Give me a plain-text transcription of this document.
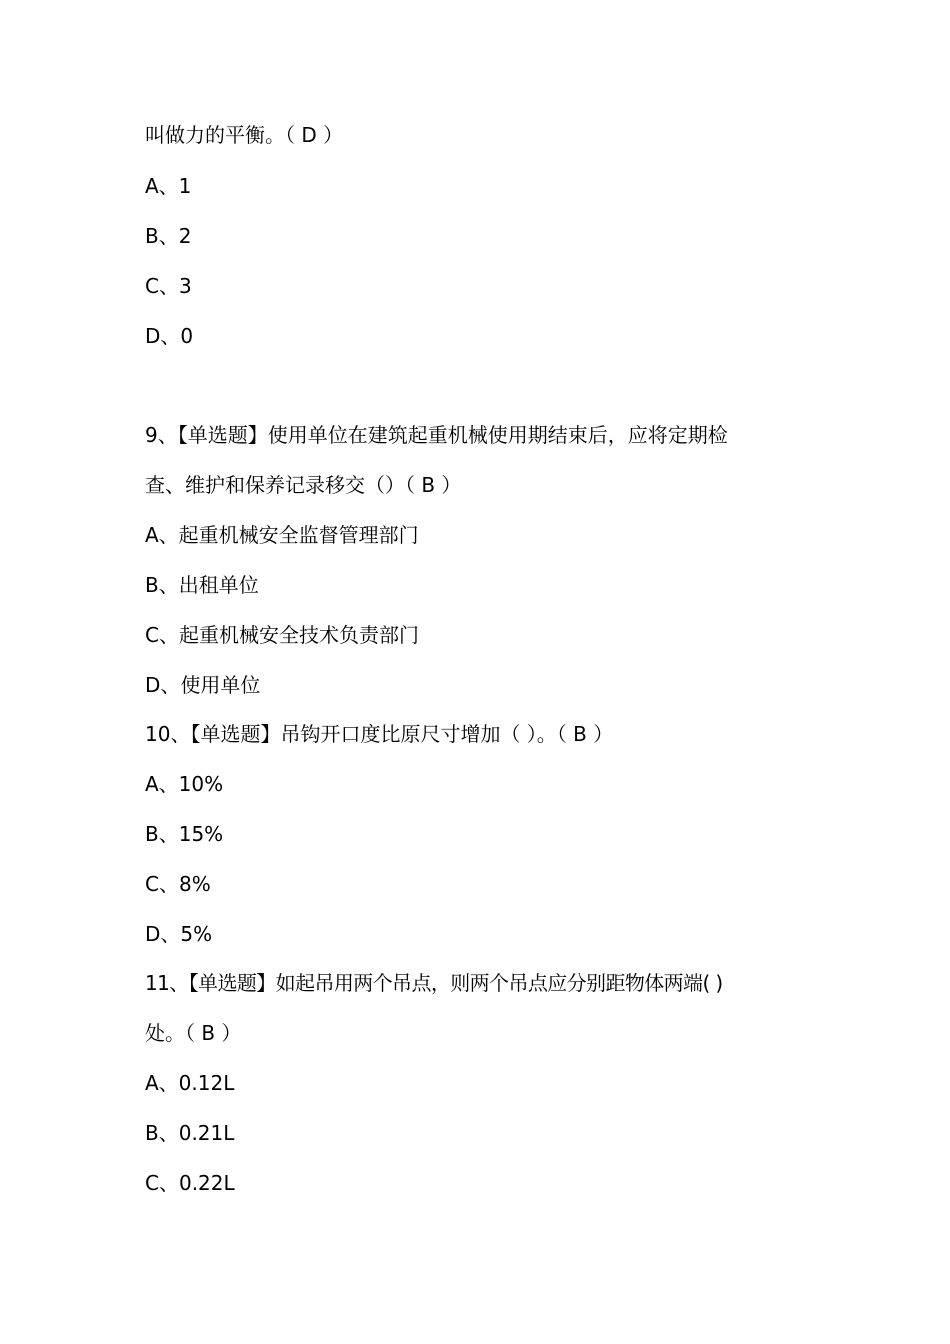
叫做力的平衡。（ D ）
A、1
B、2
C、3
D、0
9、【单选题】使用单位在建筑起重机械使用期结束后，应将定期检
查、维护和保养记录移交（）（ B ）
A、起重机械安全监督管理部门
B、出租单位
C、起重机械安全技术负责部门
D、使用单位
10、【单选题】吊钩开口度比原尺寸增加（ ）。（ B ）
A、10%
B、15%
C、8%
D、5%
11、【单选题】如起吊用两个吊点，则两个吊点应分别距物体两端( )
处。（ B ）
A、0.12L
B、0.21L
C、0.22L
